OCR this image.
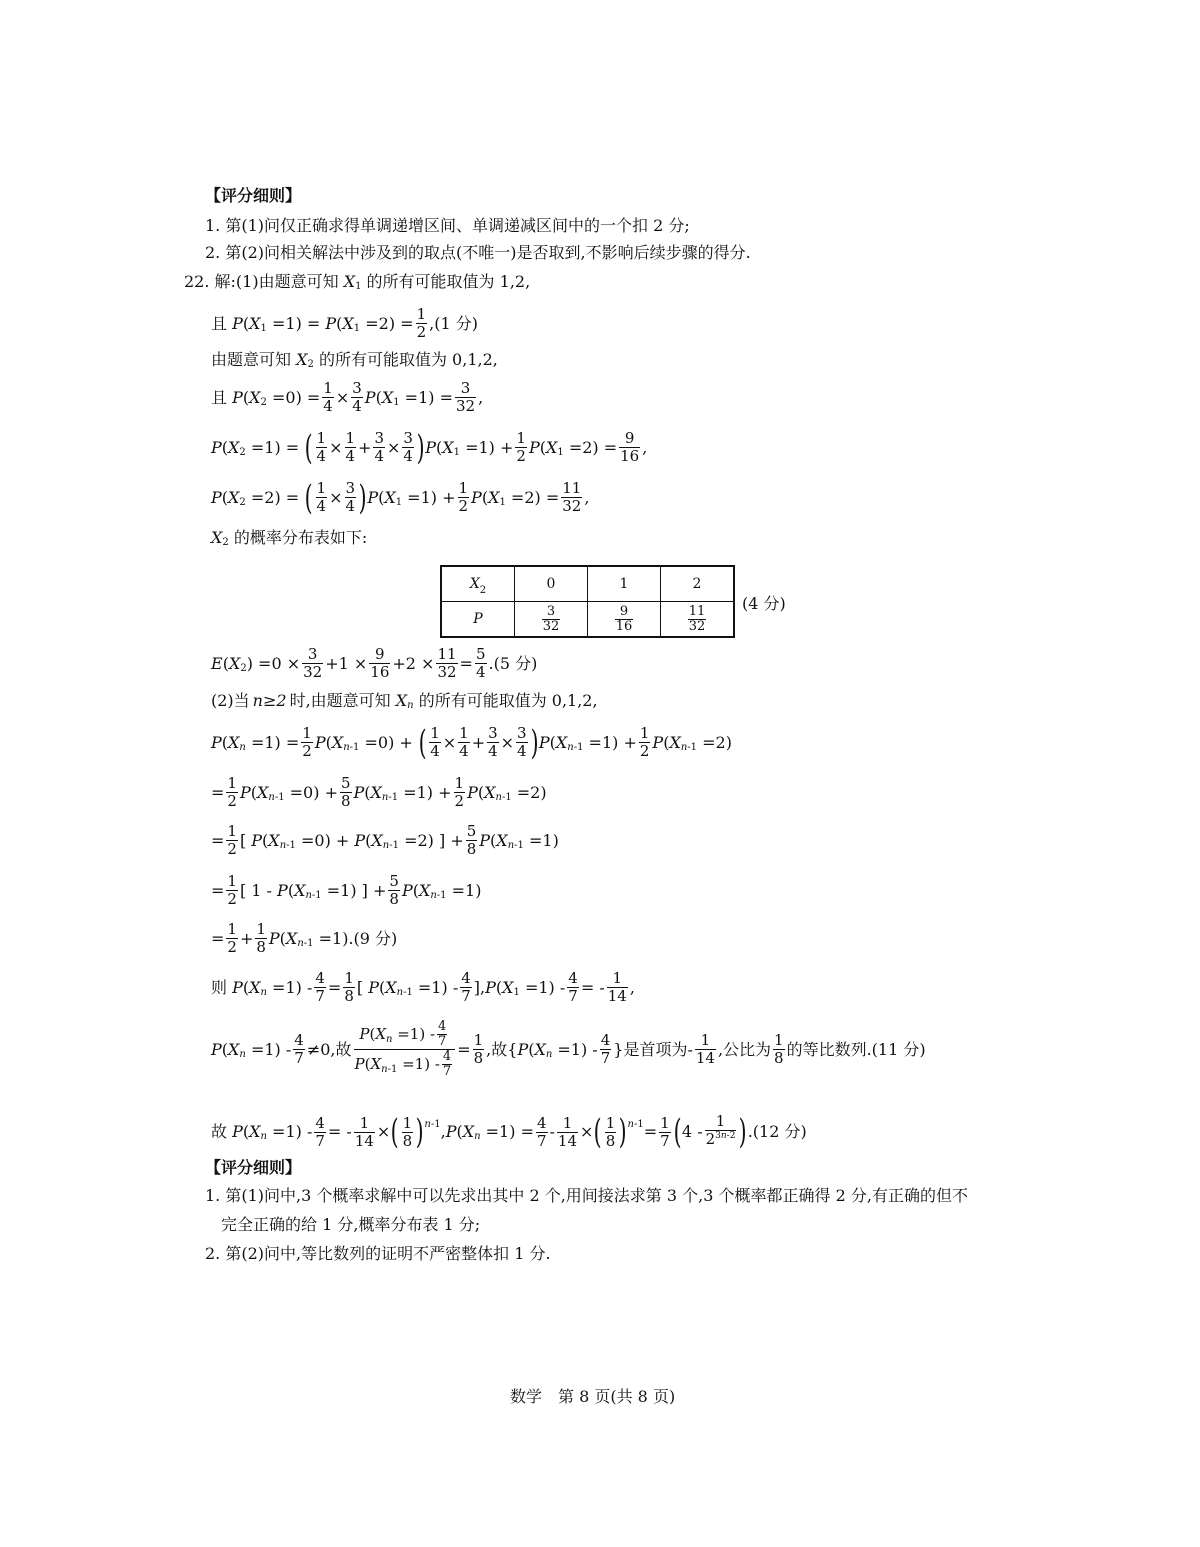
【评分细则】
1. 第(1)问仅正确求得单调递增区间、单调递减区间中的一个扣 2 分;
2. 第(2)问相关解法中涉及到的取点(不唯一)是否取到,不影响后续步骤的得分.
22. 解:(1)由题意可知
X 1
的所有可能取值为 1,2,
且
P ( X 1 =1) = P ( X 1 =2) = 1
2 ,(1 分)
由题意可知
X 2
的所有可能取值为 0,1,2,
且
P ( X 2 =0) = 1
4 × 3
4 P ( X 1 =1) = 3
32 ,
P ( X 2 =1) = ( 1
4 × 1
4 + 3
4 × 3
4 ) P ( X 1 =1) + 1
2 P ( X 1 =2) = 9
16 ,
P ( X 2 =2) = ( 1
4 × 3
4 ) P ( X 1 =1) + 1
2 P ( X 1 =2) = 11
32 ,
X 2
的概率分布表如下:
$X_2$	0	1	2
P	$\frac{3}{32}$	$\frac{9}{16}$	$\frac{11}{32}$
(4 分)
E ( X 2 ) =0 × 3
32 +1 × 9
16 +2 × 11
32 = 5
4 .(5 分)
(2)当 n≥2 时,由题意可知
X n
的所有可能取值为 0,1,2,
P ( X n =1) = 1
2 P ( X n-1 =0) + ( 1
4 × 1
4 + 3
4 × 3
4 ) P ( X n-1 =1) + 1
2 P ( X n-1 =2)
= 1
2 P ( X n-1 =0) + 5
8 P ( X n-1 =1) + 1
2 P ( X n-1 =2)
= 1
2 [ P ( X n-1 =0) + P ( X n-1 =2) ] + 5
8 P ( X n-1 =1)
= 1
2 [ 1 - P ( X n-1 =1) ] + 5
8 P ( X n-1 =1)
= 1
2 + 1
8 P ( X n-1 =1) .(9 分)
则
P ( X n =1) - 4
7 = 1
8 [ P ( X n-1 =1) - 4
7 ], P ( X 1 =1) - 4
7 = - 1
14 ,
P ( X n =1) - 4
7 ≠0,故
P ( X n =1) - 4
7
P ( X n-1 =1) - 4
7
= 1
8 ,故{ P ( X n =1) - 4
7 } 是首项为 - 1
14 ,公比为 1
8 的等比数列.(11 分)
故
P ( X n =1) - 4
7 = - 1
14 × ( 1
8 ) n-1 , P ( X n =1) = 4
7 - 1
14 × ( 1
8 ) n-1 = 1
7 ( 4 -
1
$2^{3n-2}$ ) .(12 分)
【评分细则】
1. 第(1)问中,3 个概率求解中可以先求出其中 2 个,用间接法求第 3 个,3 个概率都正确得 2 分,有正确的但不
完全正确的给 1 分,概率分布表 1 分;
2. 第(2)问中,等比数列的证明不严密整体扣 1 分.
数学　第 8 页(共 8 页)
